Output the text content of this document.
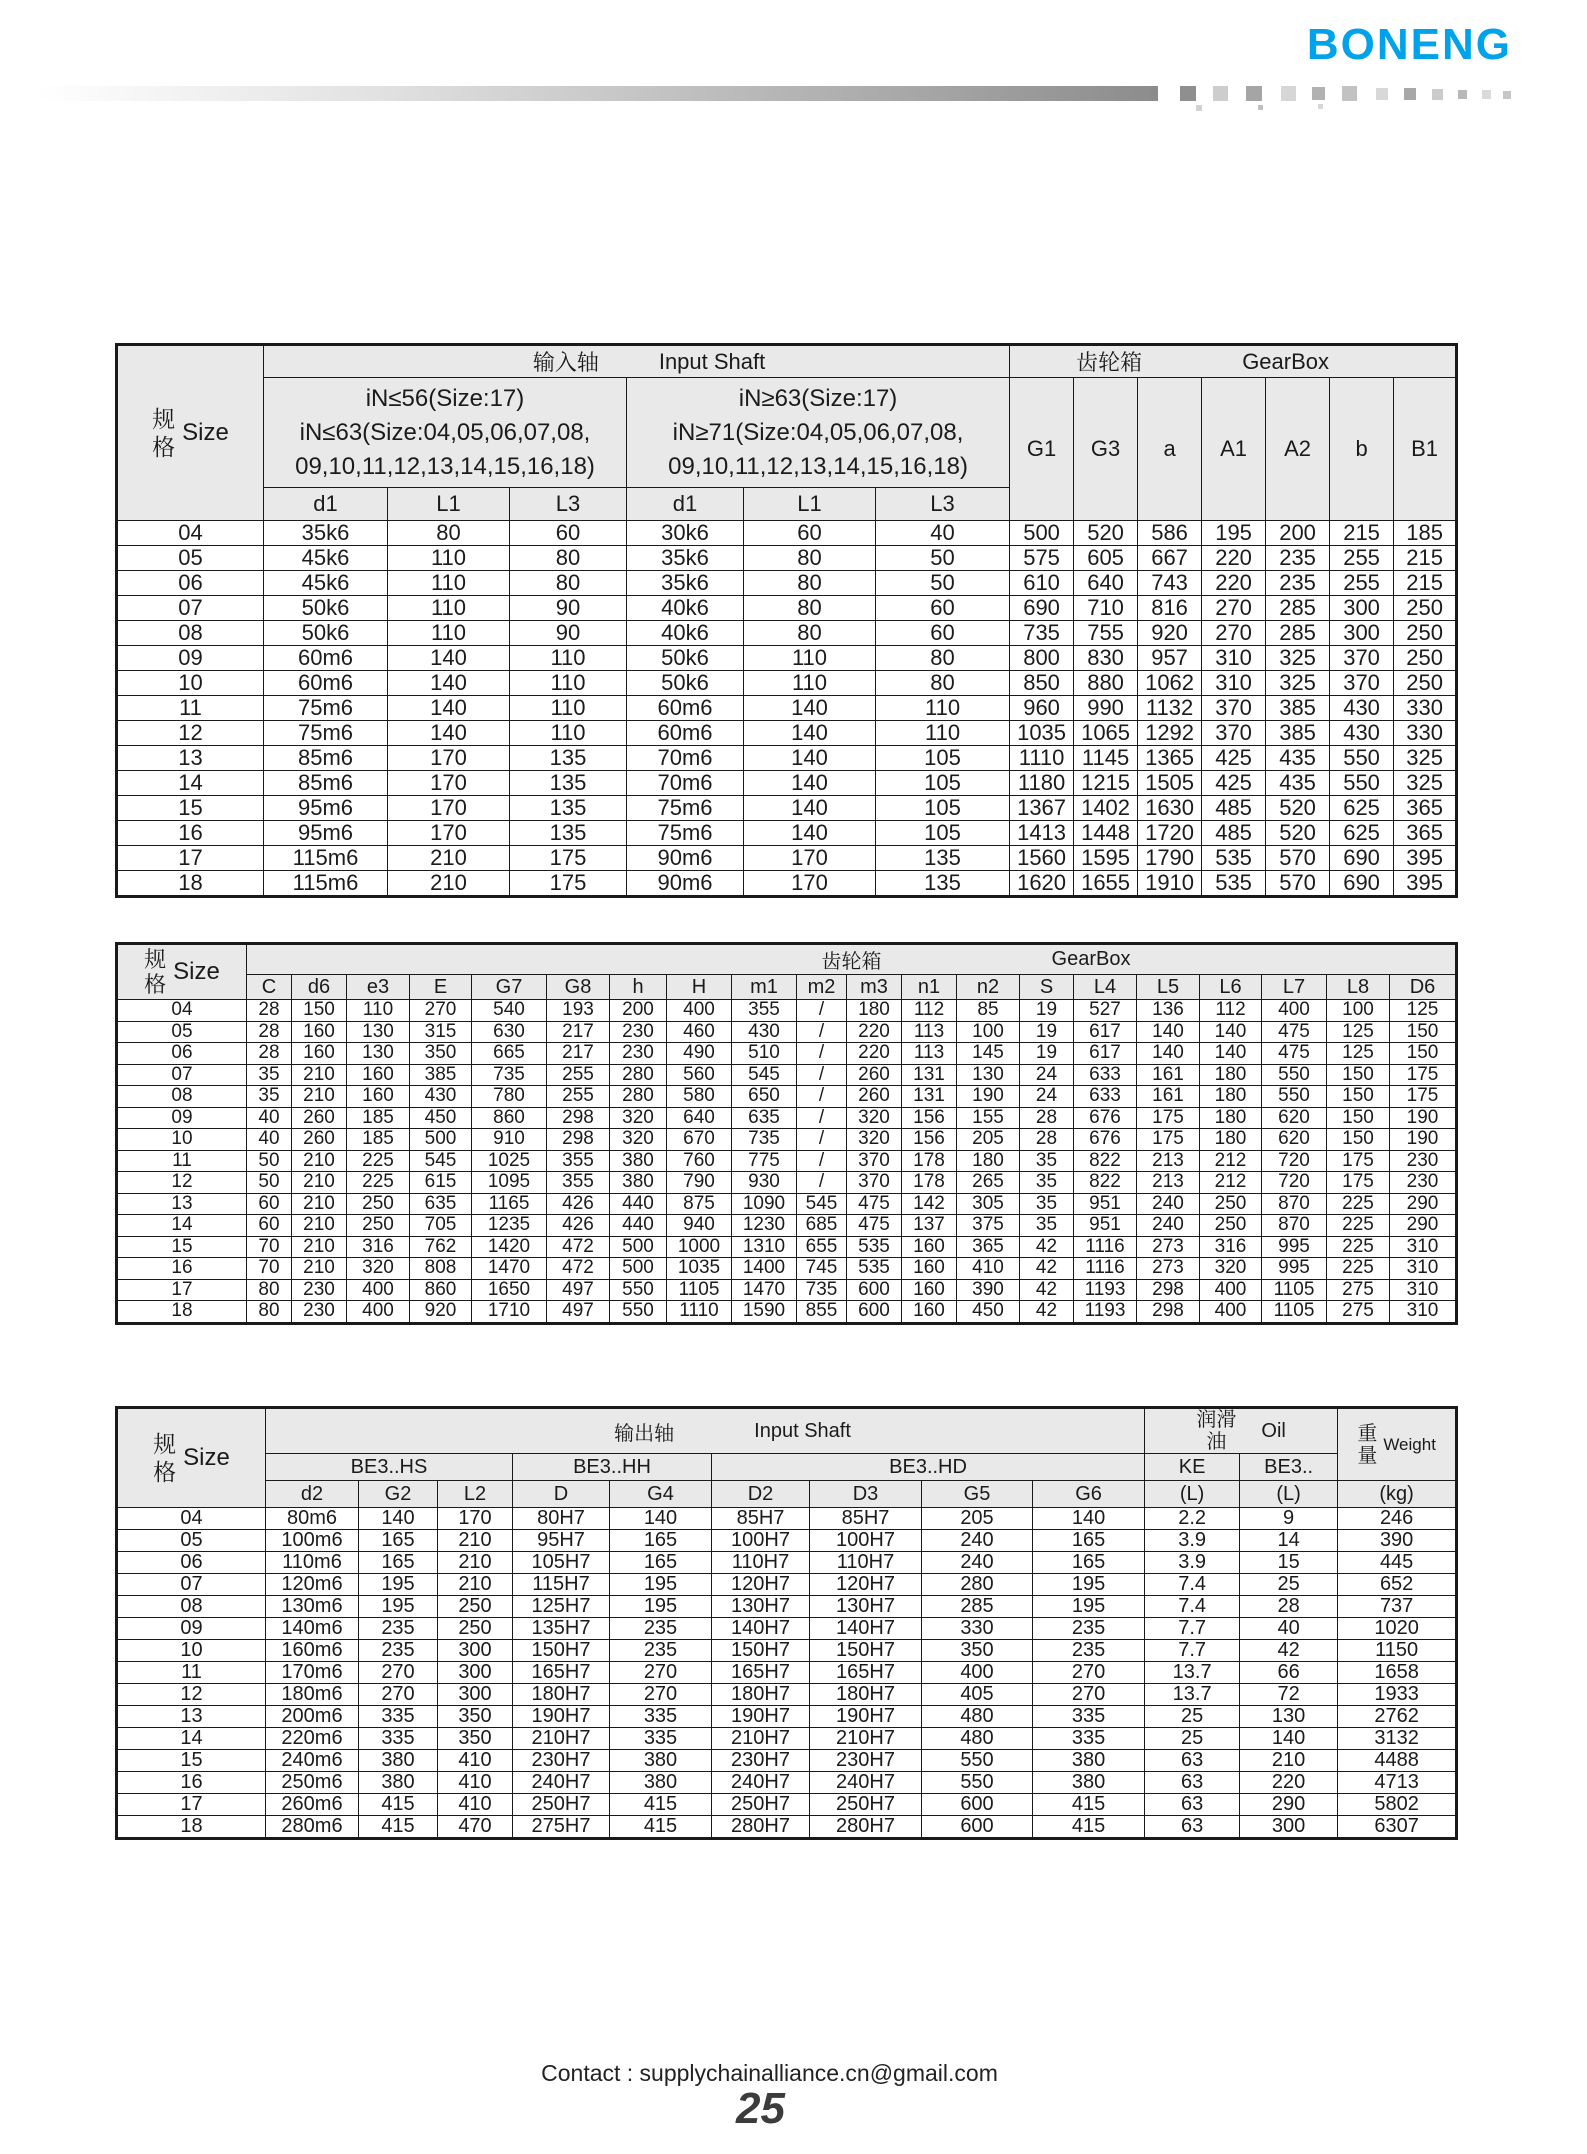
BONENG
规
格
Size	输入轴 Input Shaft						齿轮箱 GearBox						

	iN≤56(Size:17)
iN≤63(Size:04,05,06,07,08,
09,10,11,12,13,14,15,16,18)			iN≥63(Size:17)
iN≥71(Size:04,05,06,07,08,
09,10,11,12,13,14,15,16,18)			G1	G3	a	A1	A2	b	B1
	d1	L1	L3	d1	L1	L3							
04	35k6	80	60	30k6	60	40	500	520	586	195	200	215	185
05	45k6	110	80	35k6	80	50	575	605	667	220	235	255	215
06	45k6	110	80	35k6	80	50	610	640	743	220	235	255	215
07	50k6	110	90	40k6	80	60	690	710	816	270	285	300	250
08	50k6	110	90	40k6	80	60	735	755	920	270	285	300	250
09	60m6	140	110	50k6	110	80	800	830	957	310	325	370	250
10	60m6	140	110	50k6	110	80	850	880	1062	310	325	370	250
11	75m6	140	110	60m6	140	110	960	990	1132	370	385	430	330
12	75m6	140	110	60m6	140	110	1035	1065	1292	370	385	430	330
13	85m6	170	135	70m6	140	105	1110	1145	1365	425	435	550	325
14	85m6	170	135	70m6	140	105	1180	1215	1505	425	435	550	325
15	95m6	170	135	75m6	140	105	1367	1402	1630	485	520	625	365
16	95m6	170	135	75m6	140	105	1413	1448	1720	485	520	625	365
17	115m6	210	175	90m6	170	135	1560	1595	1790	535	570	690	395
18	115m6	210	175	90m6	170	135	1620	1655	1910	535	570	690	395
规
格 Size	齿轮箱 GearBox																			

	C	d6	e3	E	G7	G8	h	H	m1	m2	m3	n1	n2	S	L4	L5	L6	L7	L8	D6
04	28	150	110	270	540	193	200	400	355	/	180	112	85	19	527	136	112	400	100	125
05	28	160	130	315	630	217	230	460	430	/	220	113	100	19	617	140	140	475	125	150
06	28	160	130	350	665	217	230	490	510	/	220	113	145	19	617	140	140	475	125	150
07	35	210	160	385	735	255	280	560	545	/	260	131	130	24	633	161	180	550	150	175
08	35	210	160	430	780	255	280	580	650	/	260	131	190	24	633	161	180	550	150	175
09	40	260	185	450	860	298	320	640	635	/	320	156	155	28	676	175	180	620	150	190
10	40	260	185	500	910	298	320	670	735	/	320	156	205	28	676	175	180	620	150	190
11	50	210	225	545	1025	355	380	760	775	/	370	178	180	35	822	213	212	720	175	230
12	50	210	225	615	1095	355	380	790	930	/	370	178	265	35	822	213	212	720	175	230
13	60	210	250	635	1165	426	440	875	1090	545	475	142	305	35	951	240	250	870	225	290
14	60	210	250	705	1235	426	440	940	1230	685	475	137	375	35	951	240	250	870	225	290
15	70	210	316	762	1420	472	500	1000	1310	655	535	160	365	42	1116	273	316	995	225	310
16	70	210	320	808	1470	472	500	1035	1400	745	535	160	410	42	1116	273	320	995	225	310
17	80	230	400	860	1650	497	550	1105	1470	735	600	160	390	42	1193	298	400	1105	275	310
18	80	230	400	920	1710	497	550	1110	1590	855	600	160	450	42	1193	298	400	1105	275	310
规
格
Size	输出轴 Input Shaft									润滑
油
Oil		重
量
Weight

	BE3..HS			BE3..HH		BE3..HD				KE	BE3..	
	d2	G2	L2	D	G4	D2	D3	G5	G6	(L)	(L)	(kg)
04	80m6	140	170	80H7	140	85H7	85H7	205	140	2.2	9	246
05	100m6	165	210	95H7	165	100H7	100H7	240	165	3.9	14	390
06	110m6	165	210	105H7	165	110H7	110H7	240	165	3.9	15	445
07	120m6	195	210	115H7	195	120H7	120H7	280	195	7.4	25	652
08	130m6	195	250	125H7	195	130H7	130H7	285	195	7.4	28	737
09	140m6	235	250	135H7	235	140H7	140H7	330	235	7.7	40	1020
10	160m6	235	300	150H7	235	150H7	150H7	350	235	7.7	42	1150
11	170m6	270	300	165H7	270	165H7	165H7	400	270	13.7	66	1658
12	180m6	270	300	180H7	270	180H7	180H7	405	270	13.7	72	1933
13	200m6	335	350	190H7	335	190H7	190H7	480	335	25	130	2762
14	220m6	335	350	210H7	335	210H7	210H7	480	335	25	140	3132
15	240m6	380	410	230H7	380	230H7	230H7	550	380	63	210	4488
16	250m6	380	410	240H7	380	240H7	240H7	550	380	63	220	4713
17	260m6	415	410	250H7	415	250H7	250H7	600	415	63	290	5802
18	280m6	415	470	275H7	415	280H7	280H7	600	415	63	300	6307
Contact : supplychainalliance.cn@gmail.com
25
